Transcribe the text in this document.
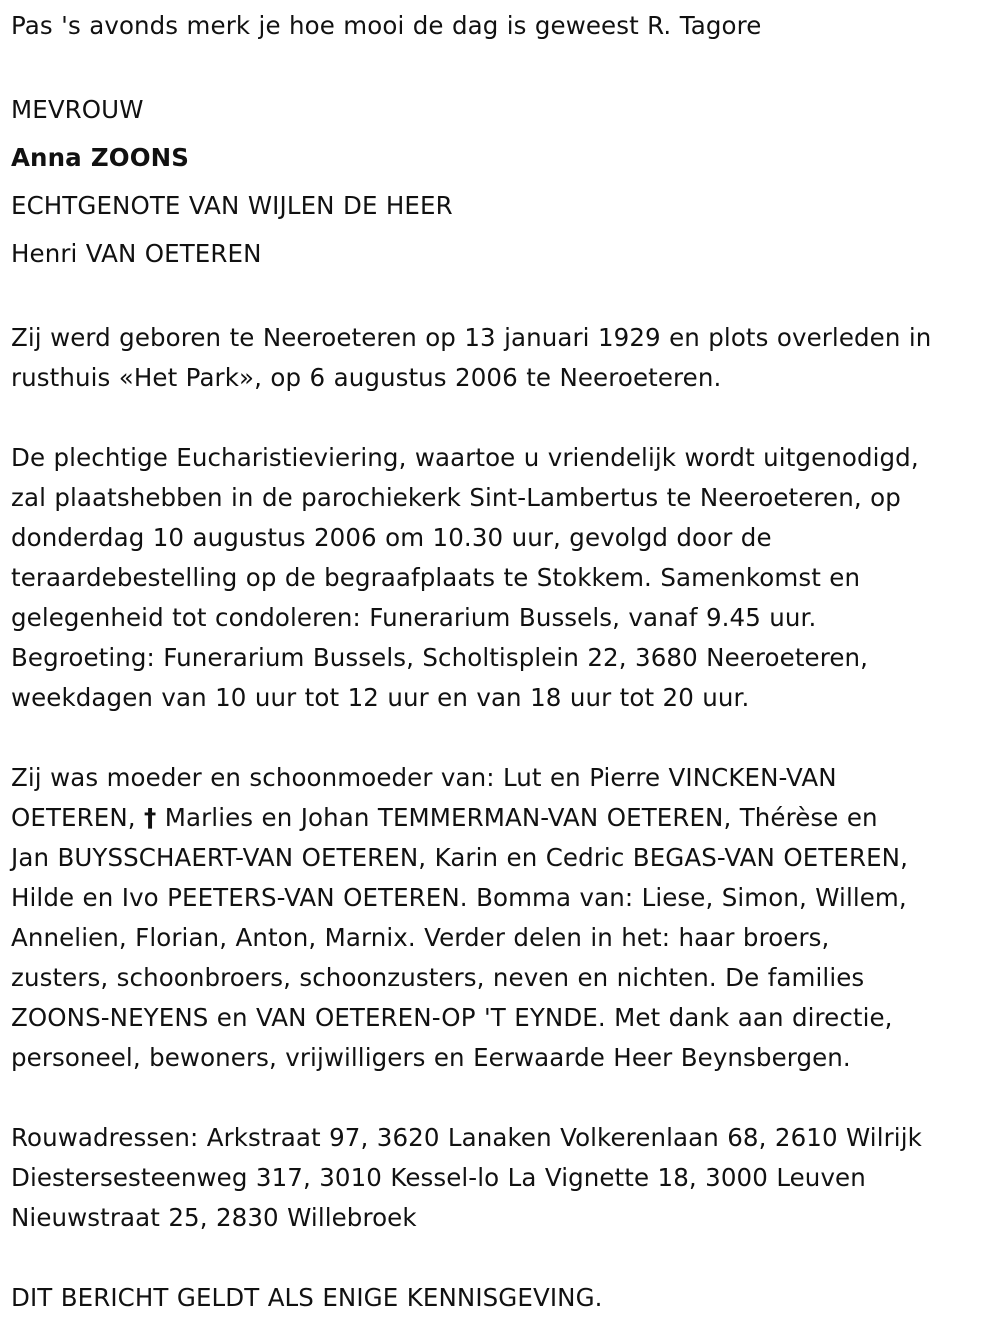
Pas 's avonds merk je hoe mooi de dag is geweest R. Tagore
MEVROUW
Anna ZOONS
ECHTGENOTE VAN WIJLEN DE HEER
Henri VAN OETEREN
Zij werd geboren te Neeroeteren op 13 januari 1929 en plots overleden in
rusthuis «Het Park», op 6 augustus 2006 te Neeroeteren.
De plechtige Eucharistieviering, waartoe u vriendelijk wordt uitgenodigd,
zal plaatshebben in de parochiekerk Sint-Lambertus te Neeroeteren, op
donderdag 10 augustus 2006 om 10.30 uur, gevolgd door de
teraardebestelling op de begraafplaats te Stokkem. Samenkomst en
gelegenheid tot condoleren: Funerarium Bussels, vanaf 9.45 uur.
Begroeting: Funerarium Bussels, Scholtisplein 22, 3680 Neeroeteren,
weekdagen van 10 uur tot 12 uur en van 18 uur tot 20 uur.
Zij was moeder en schoonmoeder van: Lut en Pierre VINCKEN-VAN
OETEREN, † Marlies en Johan TEMMERMAN-VAN OETEREN, Thérèse en
Jan BUYSSCHAERT-VAN OETEREN, Karin en Cedric BEGAS-VAN OETEREN,
Hilde en Ivo PEETERS-VAN OETEREN. Bomma van: Liese, Simon, Willem,
Annelien, Florian, Anton, Marnix. Verder delen in het: haar broers,
zusters, schoonbroers, schoonzusters, neven en nichten. De families
ZOONS-NEYENS en VAN OETEREN-OP 'T EYNDE. Met dank aan directie,
personeel, bewoners, vrijwilligers en Eerwaarde Heer Beynsbergen.
Rouwadressen: Arkstraat 97, 3620 Lanaken Volkerenlaan 68, 2610 Wilrijk
Diestersesteenweg 317, 3010 Kessel-lo La Vignette 18, 3000 Leuven
Nieuwstraat 25, 2830 Willebroek
DIT BERICHT GELDT ALS ENIGE KENNISGEVING.
